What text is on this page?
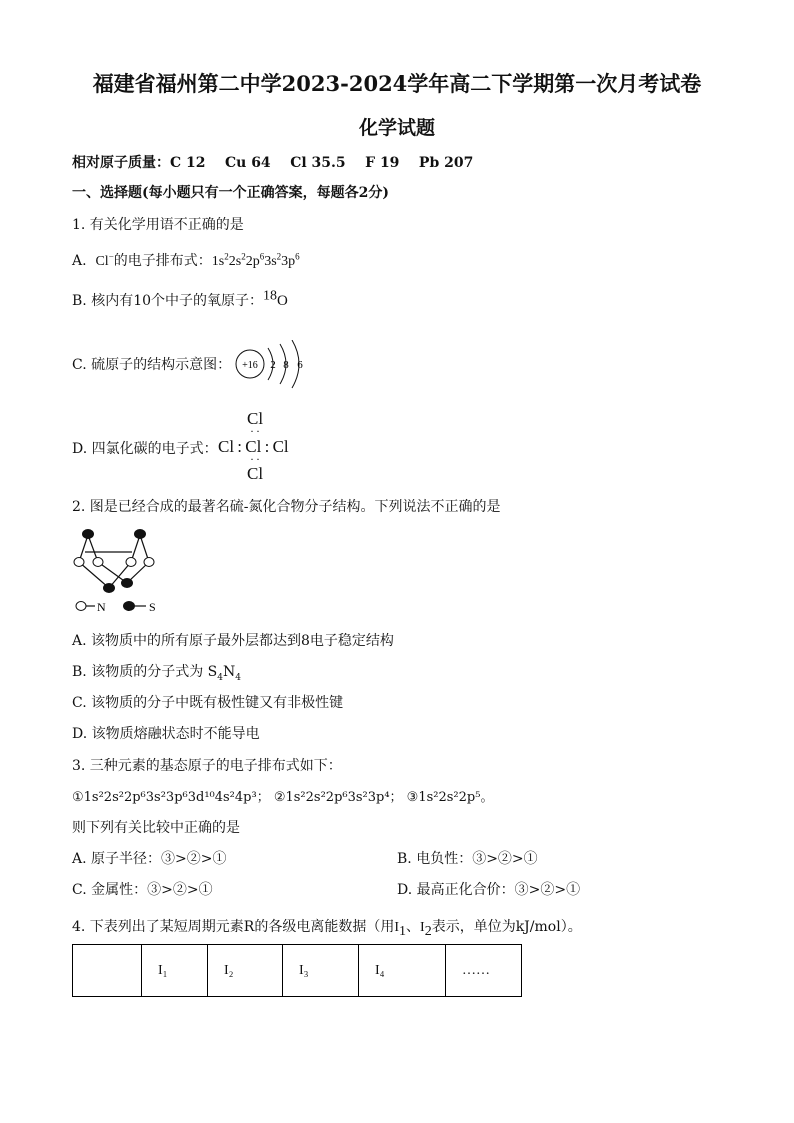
福建省福州第二中学2023-2024学年高二下学期第一次月考试卷
化学试题
相对原子质量：C 12 Cu 64 Cl 35.5 F 19 Pb 207
一、选择题(每小题只有一个正确答案，每题各2分)
1. 有关化学用语不正确的是
A. Cl−的电子排布式：$1s^22s^22p^63s^23p^6$
B. 核内有10个中子的氧原子：$^{18}$O
C. 硫原子的结构示意图： +16 2 8 6
D. 四氯化碳的电子式：
Cl
··
Cl : Cl : Cl
··
Cl
2. 图是已经合成的最著名硫-氮化合物分子结构。下列说法不正确的是
N	S
A. 该物质中的所有原子最外层都达到8电子稳定结构
B. 该物质的分子式为 $S_4N_4$
C. 该物质的分子中既有极性键又有非极性键
D. 该物质熔融状态时不能导电
3. 三种元素的基态原子的电子排布式如下：
①1s²2s²2p⁶3s²3p⁶3d¹⁰4s²4p³； ②1s²2s²2p⁶3s²3p⁴； ③1s²2s²2p⁵。
则下列有关比较中正确的是
A. 原子半径：③>②>①	B. 电负性：③>②>①
C. 金属性：③>②>①	D. 最高正化合价：③>②>①
4. 下表列出了某短周期元素R的各级电离能数据（用$I_1$、$I_2$表示，单位为kJ/mol）。
	I₁	I₂	I₃	I₄	……
